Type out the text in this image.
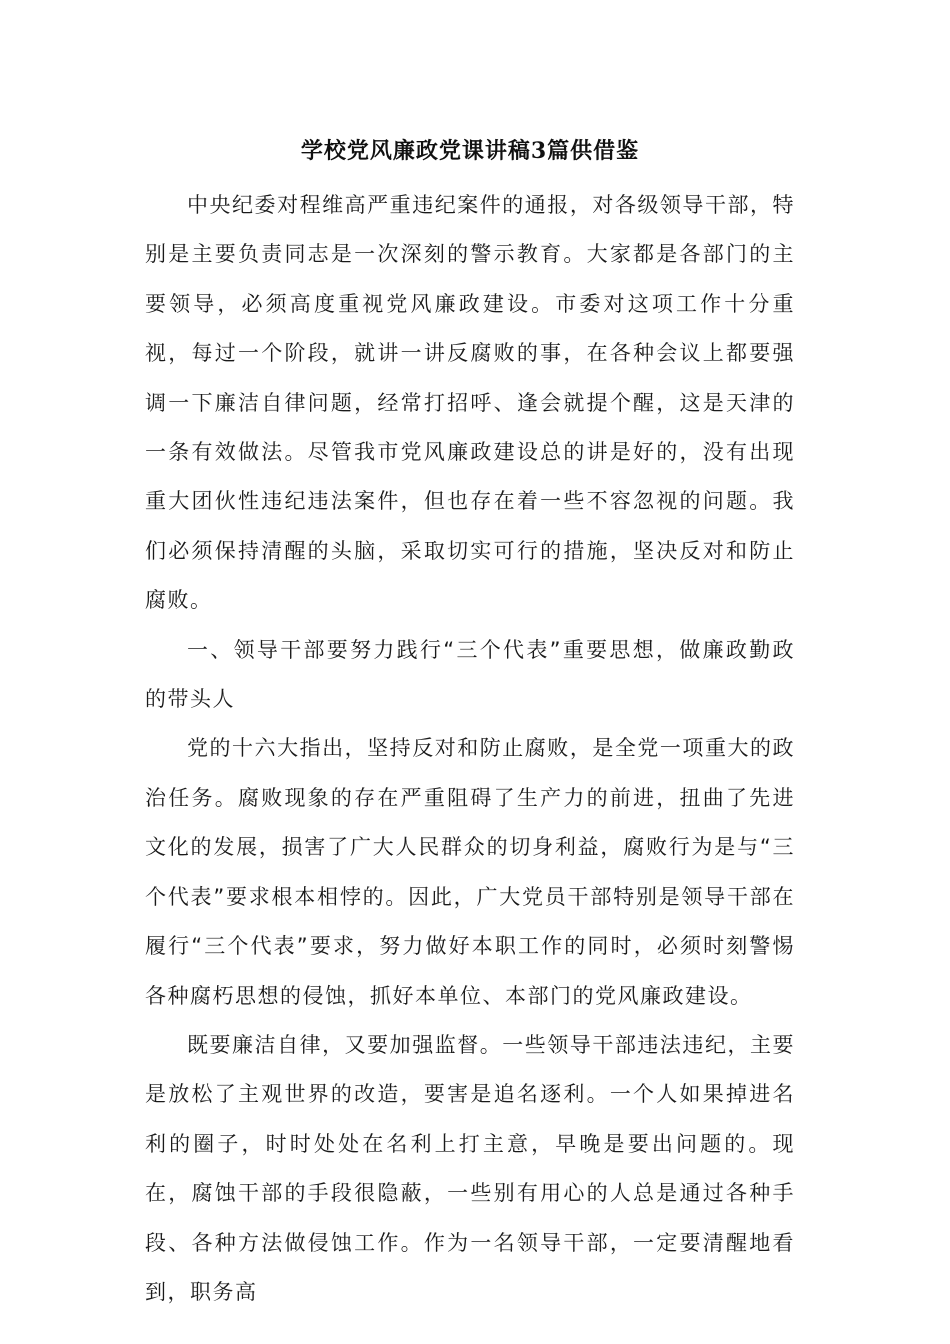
学校党风廉政党课讲稿3篇供借鉴

中央纪委对程维高严重违纪案件的通报，对各级领导干部，特别是主要负责同志是一次深刻的警示教育。大家都是各部门的主要领导，必须高度重视党风廉政建设。市委对这项工作十分重视，每过一个阶段，就讲一讲反腐败的事，在各种会议上都要强调一下廉洁自律问题，经常打招呼、逢会就提个醒，这是天津的一条有效做法。尽管我市党风廉政建设总的讲是好的，没有出现重大团伙性违纪违法案件，但也存在着一些不容忽视的问题。我们必须保持清醒的头脑，采取切实可行的措施，坚决反对和防止腐败。

一、领导干部要努力践行“三个代表”重要思想，做廉政勤政的带头人

党的十六大指出，坚持反对和防止腐败，是全党一项重大的政治任务。腐败现象的存在严重阻碍了生产力的前进，扭曲了先进文化的发展，损害了广大人民群众的切身利益，腐败行为是与“三个代表”要求根本相悖的。因此，广大党员干部特别是领导干部在履行“三个代表”要求，努力做好本职工作的同时，必须时刻警惕各种腐朽思想的侵蚀，抓好本单位、本部门的党风廉政建设。

既要廉洁自律，又要加强监督。一些领导干部违法违纪，主要是放松了主观世界的改造，要害是追名逐利。一个人如果掉进名利的圈子，时时处处在名利上打主意，早晚是要出问题的。现在，腐蚀干部的手段很隐蔽，一些别有用心的人总是通过各种手段、各种方法做侵蚀工作。作为一名领导干部，一定要清醒地看到，职务高
